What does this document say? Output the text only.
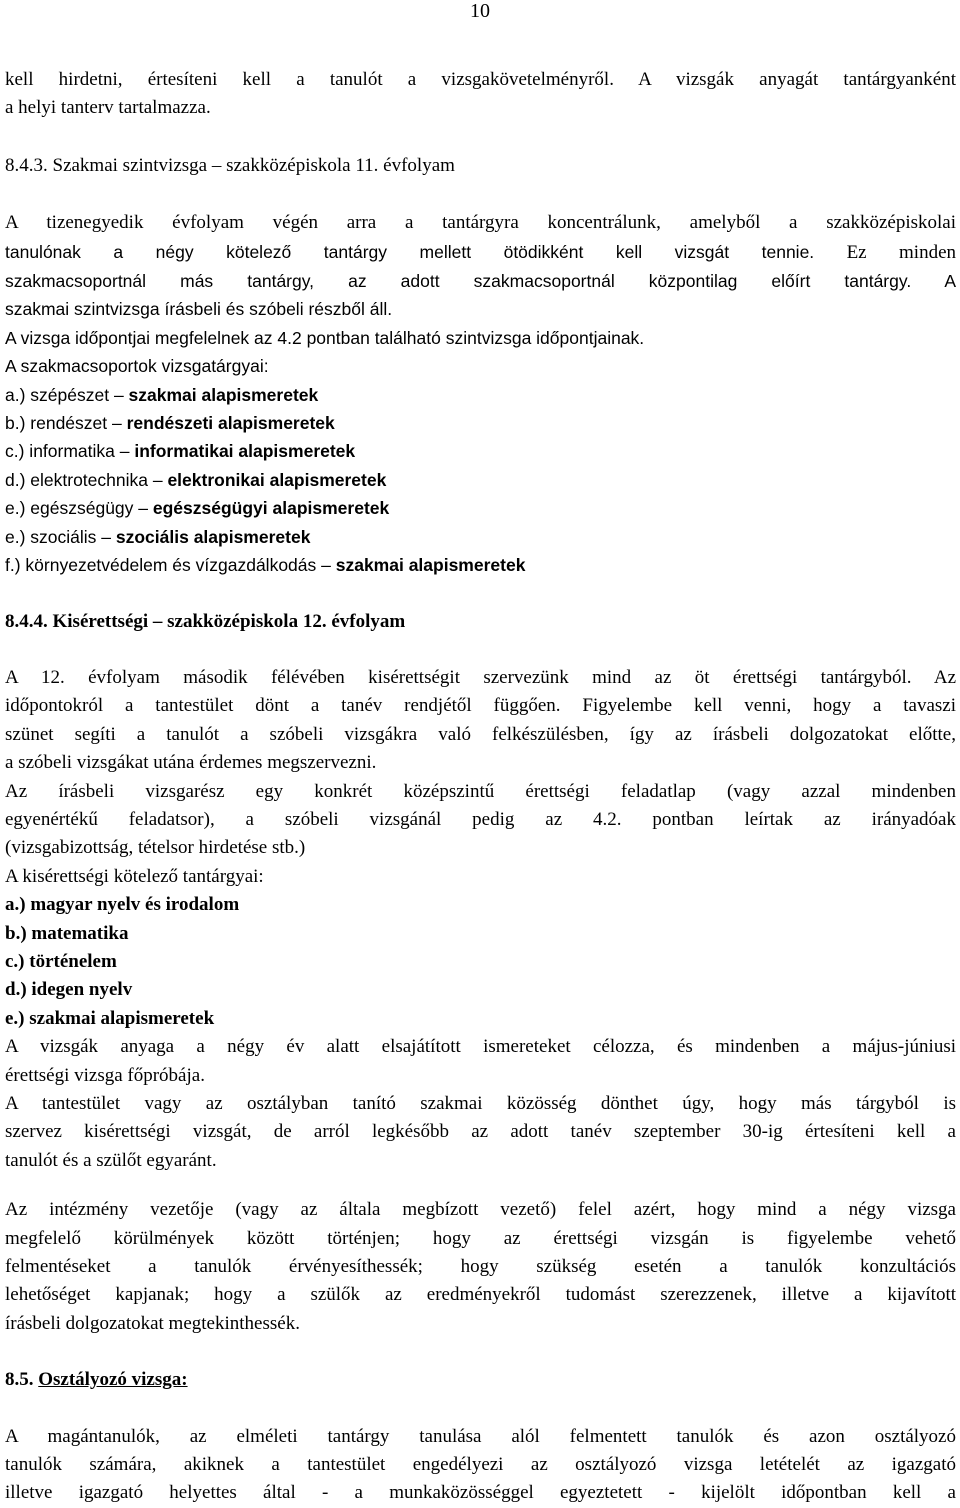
10

kell hirdetni, értesíteni kell a tanulót a vizsgakövetelményről. A vizsgák anyagát tantárgyanként

a helyi tanterv tartalmazza.

8.4.3. Szakmai szintvizsga – szakközépiskola 11. évfolyam

A tizenegyedik évfolyam végén arra a tantárgyra koncentrálunk, amelyből a szakközépiskolai

tanulónak a négy kötelező tantárgy mellett ötödikként kell vizsgát tennie. Ez minden

szakmacsoportnál más tantárgy, az adott szakmacsoportnál központilag előírt tantárgy. A

szakmai szintvizsga írásbeli és szóbeli részből áll.

A vizsga időpontjai megfelelnek az 4.2 pontban található szintvizsga időpontjainak.

A szakmacsoportok vizsgatárgyai:

a.) szépészet – szakmai alapismeretek

b.) rendészet – rendészeti alapismeretek

c.) informatika – informatikai alapismeretek

d.) elektrotechnika – elektronikai alapismeretek

e.) egészségügy – egészségügyi alapismeretek

e.) szociális – szociális alapismeretek

f.) környezetvédelem és vízgazdálkodás – szakmai alapismeretek

8.4.4. Kisérettségi – szakközépiskola 12. évfolyam

A 12. évfolyam második félévében kisérettségit szervezünk mind az öt érettségi tantárgyból. Az

időpontokról a tantestület dönt a tanév rendjétől függően. Figyelembe kell venni, hogy a tavaszi

szünet segíti a tanulót a szóbeli vizsgákra való felkészülésben, így az írásbeli dolgozatokat előtte,

a szóbeli vizsgákat utána érdemes megszervezni.

Az írásbeli vizsgarész egy konkrét középszintű érettségi feladatlap (vagy azzal mindenben

egyenértékű feladatsor), a szóbeli vizsgánál pedig az 4.2. pontban leírtak az irányadóak

(vizsgabizottság, tételsor hirdetése stb.)

A kisérettségi kötelező tantárgyai:

a.) magyar nyelv és irodalom

b.) matematika

c.) történelem

d.) idegen nyelv

e.) szakmai alapismeretek

A vizsgák anyaga a négy év alatt elsajátított ismereteket célozza, és mindenben a május-júniusi

érettségi vizsga főpróbája.

A tantestület vagy az osztályban tanító szakmai közösség dönthet úgy, hogy más tárgyból is

szervez kisérettségi vizsgát, de arról legkésőbb az adott tanév szeptember 30-ig értesíteni kell a

tanulót és a szülőt egyaránt.

Az intézmény vezetője (vagy az általa megbízott vezető) felel azért, hogy mind a négy vizsga

megfelelő körülmények között történjen; hogy az érettségi vizsgán is figyelembe vehető

felmentéseket a tanulók érvényesíthessék; hogy szükség esetén a tanulók konzultációs

lehetőséget kapjanak; hogy a szülők az eredményekről tudomást szerezzenek, illetve a kijavított

írásbeli dolgozatokat megtekinthessék.

8.5. Osztályozó vizsga:

A magántanulók, az elméleti tantárgy tanulása alól felmentett tanulók és azon osztályozó

tanulók számára, akiknek a tantestület engedélyezi az osztályozó vizsga letételét az igazgató

illetve igazgató helyettes által - a munkaközösséggel egyeztetett - kijelölt időpontban kell a
